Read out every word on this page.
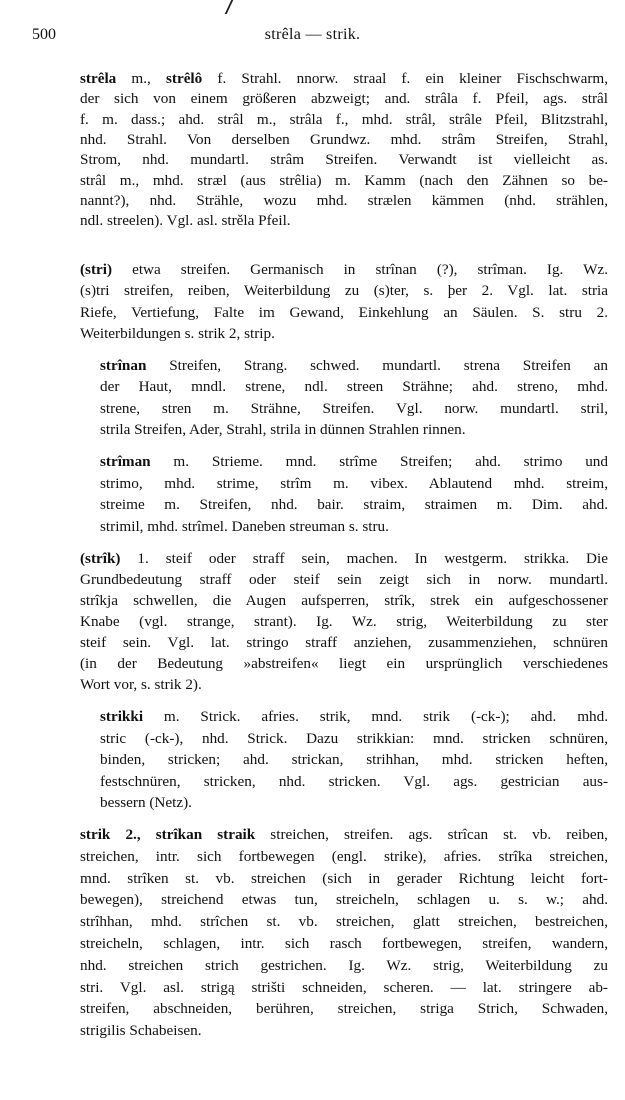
500	strêla — strik.
strêla m., strêlô f. Strahl. nnorw. straal f. ein kleiner Fischschwarm,
der sich von einem größeren abzweigt; and. strâla f. Pfeil, ags. strâl
f. m. dass.; ahd. strâl m., strâla f., mhd. strâl, strâle Pfeil, Blitzstrahl,
nhd. Strahl. Von derselben Grundwz. mhd. strâm Streifen, Strahl,
Strom, nhd. mundartl. strâm Streifen. Verwandt ist vielleicht as.
strâl m., mhd. stræl (aus strêlia) m. Kamm (nach den Zähnen so be-
nannt?), nhd. Strähle, wozu mhd. strælen kämmen (nhd. strählen,
ndl. streelen). Vgl. asl. strěla Pfeil.
(stri) etwa streifen. Germanisch in strînan (?), strîman. Ig. Wz.
(s)tri streifen, reiben, Weiterbildung zu (s)ter, s. þer 2. Vgl. lat. stria
Riefe, Vertiefung, Falte im Gewand, Einkehlung an Säulen. S. stru 2.
Weiterbildungen s. strik 2, strip.
strînan Streifen, Strang. schwed. mundartl. strena Streifen an
der Haut, mndl. strene, ndl. streen Strähne; ahd. streno, mhd.
strene, stren m. Strähne, Streifen. Vgl. norw. mundartl. stril,
strila Streifen, Ader, Strahl, strila in dünnen Strahlen rinnen.
strîman m. Strieme. mnd. strîme Streifen; ahd. strimo und
strimo, mhd. strime, strîm m. vibex. Ablautend mhd. streim,
streime m. Streifen, nhd. bair. straim, straimen m. Dim. ahd.
strimil, mhd. strîmel. Daneben streuman s. stru.
(strîk) 1. steif oder straff sein, machen. In westgerm. strikka. Die
Grundbedeutung straff oder steif sein zeigt sich in norw. mundartl.
strîkja schwellen, die Augen aufsperren, strîk, strek ein aufgeschossener
Knabe (vgl. strange, strant). Ig. Wz. strig, Weiterbildung zu ster
steif sein. Vgl. lat. stringo straff anziehen, zusammenziehen, schnüren
(in der Bedeutung »abstreifen« liegt ein ursprünglich verschiedenes
Wort vor, s. strik 2).
strikki m. Strick. afries. strik, mnd. strik (-ck-); ahd. mhd.
stric (-ck-), nhd. Strick. Dazu strikkian: mnd. stricken schnüren,
binden, stricken; ahd. strickan, strihhan, mhd. stricken heften,
festschnüren, stricken, nhd. stricken. Vgl. ags. gestrician aus-
bessern (Netz).
strik 2., strîkan straik streichen, streifen. ags. strîcan st. vb. reiben,
streichen, intr. sich fortbewegen (engl. strike), afries. strîka streichen,
mnd. strîken st. vb. streichen (sich in gerader Richtung leicht fort-
bewegen), streichend etwas tun, streicheln, schlagen u. s. w.; ahd.
strîhhan, mhd. strîchen st. vb. streichen, glatt streichen, bestreichen,
streicheln, schlagen, intr. sich rasch fortbewegen, streifen, wandern,
nhd. streichen strich gestrichen. Ig. Wz. strig, Weiterbildung zu
stri. Vgl. asl. strigą strišti schneiden, scheren. — lat. stringere ab-
streifen, abschneiden, berühren, streichen, striga Strich, Schwaden,
strigilis Schabeisen.
